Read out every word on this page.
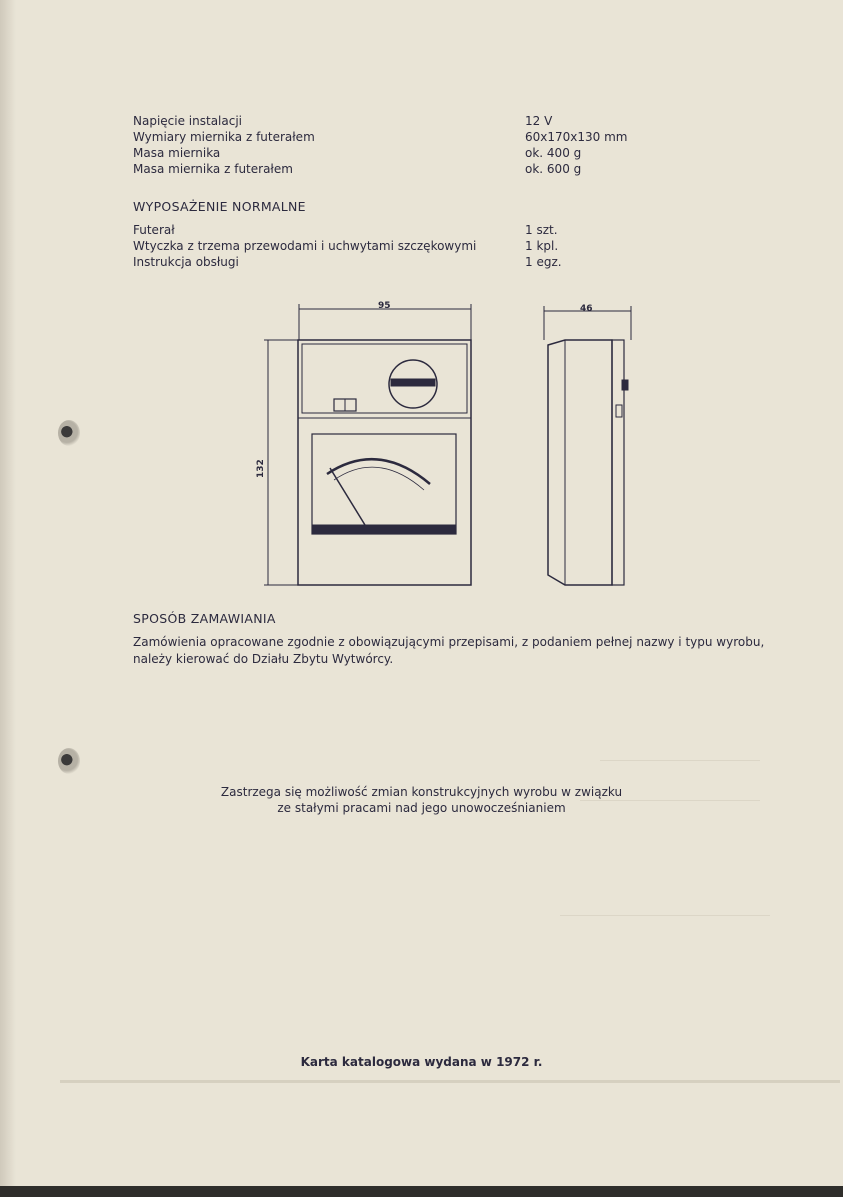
Napięcie instalacji	12 V
Wymiary miernika z futerałem	60x170x130 mm
Masa miernika	ok. 400 g
Masa miernika z futerałem	ok. 600 g
WYPOSAŻENIE NORMALNE
Futerał	1 szt.
Wtyczka z trzema przewodami i uchwytami szczękowymi	1 kpl.
Instrukcja obsługi	1 egz.
95	46
132
SPOSÓB ZAMAWIANIA
Zamówienia opracowane zgodnie z obowiązującymi przepisami, z podaniem pełnej nazwy i typu wyrobu,
należy kierować do Działu Zbytu Wytwórcy.
Zastrzega się możliwość zmian konstrukcyjnych wyrobu w związku
ze stałymi pracami nad jego unowocześnianiem
Karta katalogowa wydana w 1972 r.
